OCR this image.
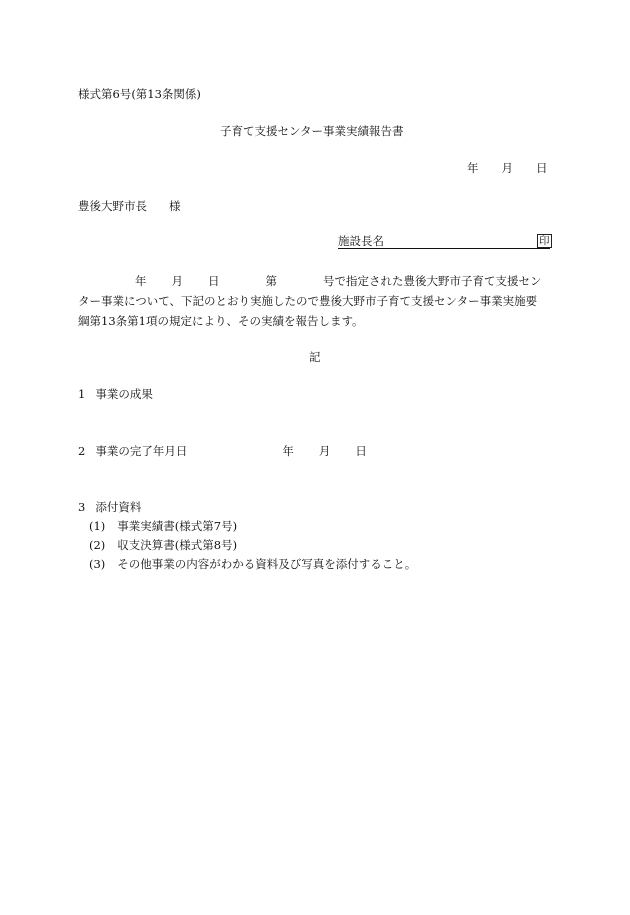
様式第6号(第13条関係)
子育て支援センター事業実績報告書
年 月 日
豊後大野市長 様
施設長名	印
年 月 日	第	号で指定された豊後大野市子育て支援セン
ター事業について、下記のとおり実施したので豊後大野市子育て支援センター事業実施要
綱第13条第1項の規定により、その実績を報告します。
記
1 事業の成果
2 事業の完了年月日	年 月 日
3 添付資料
(1) 事業実績書(様式第7号)
(2) 収支決算書(様式第8号)
(3) その他事業の内容がわかる資料及び写真を添付すること。
